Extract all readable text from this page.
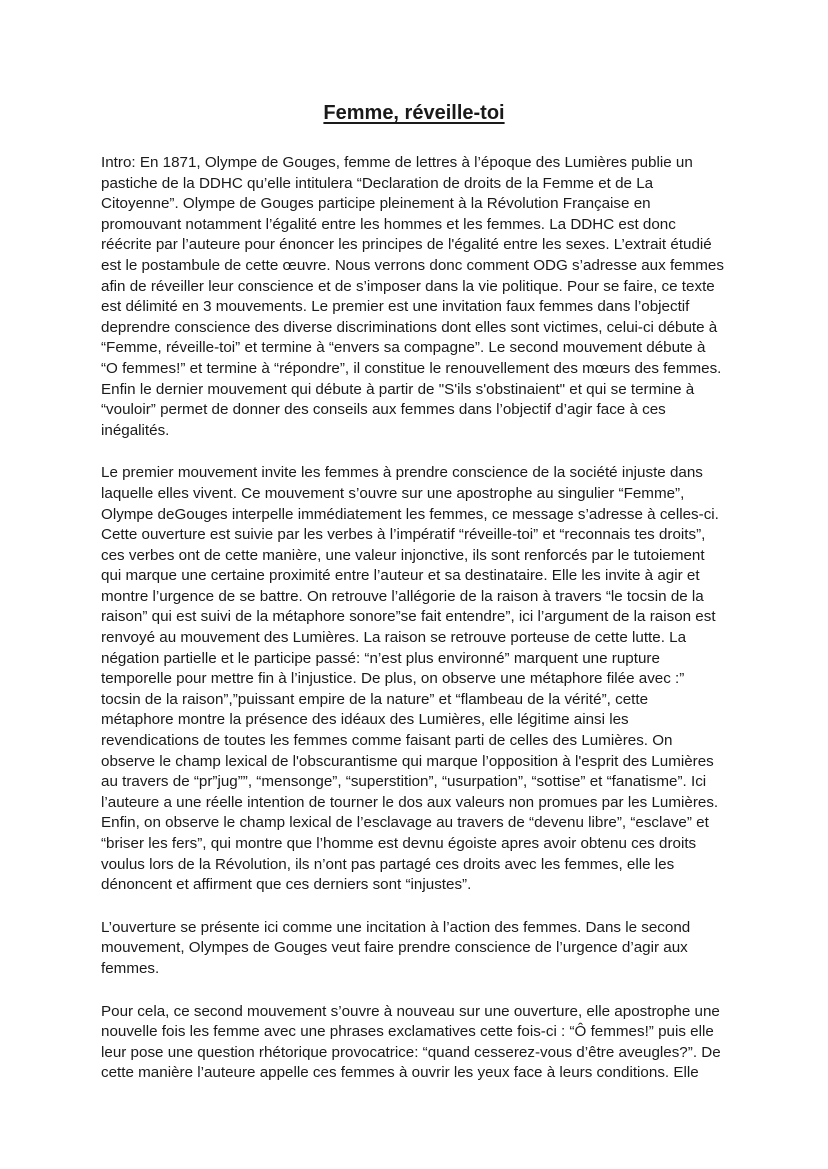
Femme, réveille-toi

Intro: En 1871, Olympe de Gouges, femme de lettres à l’époque des Lumières publie un
pastiche de la DDHC qu’elle intitulera “Declaration de droits de la Femme et de La
Citoyenne”. Olympe de Gouges participe pleinement à la Révolution Française en
promouvant notamment l’égalité entre les hommes et les femmes. La DDHC est donc
réécrite par l’auteure pour énoncer les principes de l'égalité entre les sexes. L’extrait étudié
est le postambule de cette œuvre. Nous verrons donc comment ODG s’adresse aux femmes
afin de réveiller leur conscience et de s’imposer dans la vie politique. Pour se faire, ce texte
est délimité en 3 mouvements. Le premier est une invitation faux femmes dans l’objectif
deprendre conscience des diverse discriminations dont elles sont victimes, celui-ci débute à
“Femme, réveille-toi” et termine à “envers sa compagne”. Le second mouvement débute à
“O femmes!” et termine à “répondre”, il constitue le renouvellement des mœurs des femmes.
Enfin le dernier mouvement qui débute à partir de "S'ils s'obstinaient" et qui se termine à
“vouloir” permet de donner des conseils aux femmes dans l’objectif d’agir face à ces
inégalités.

Le premier mouvement invite les femmes à prendre conscience de la société injuste dans
laquelle elles vivent. Ce mouvement s’ouvre sur une apostrophe au singulier “Femme”,
Olympe deGouges interpelle immédiatement les femmes, ce message s’adresse à celles-ci.
Cette ouverture est suivie par les verbes à l’impératif “réveille-toi” et “reconnais tes droits”,
ces verbes ont de cette manière, une valeur injonctive, ils sont renforcés par le tutoiement
qui marque une certaine proximité entre l’auteur et sa destinataire. Elle les invite à agir et
montre l’urgence de se battre. On retrouve l’allégorie de la raison à travers “le tocsin de la
raison” qui est suivi de la métaphore sonore”se fait entendre”, ici l’argument de la raison est
renvoyé au mouvement des Lumières. La raison se retrouve porteuse de cette lutte. La
négation partielle et le participe passé: “n’est plus environné” marquent une rupture
temporelle pour mettre fin à l’injustice. De plus, on observe une métaphore filée avec :”
tocsin de la raison”,”puissant empire de la nature” et “flambeau de la vérité”, cette
métaphore montre la présence des idéaux des Lumières, elle légitime ainsi les
revendications de toutes les femmes comme faisant parti de celles des Lumières. On
observe le champ lexical de l'obscurantisme qui marque l’opposition à l'esprit des Lumières
au travers de “pr”jug””, “mensonge”, “superstition”, “usurpation”, “sottise” et “fanatisme”. Ici
l’auteure a une réelle intention de tourner le dos aux valeurs non promues par les Lumières.
Enfin, on observe le champ lexical de l’esclavage au travers de “devenu libre”, “esclave” et
“briser les fers”, qui montre que l’homme est devnu égoiste apres avoir obtenu ces droits
voulus lors de la Révolution, ils n’ont pas partagé ces droits avec les femmes, elle les
dénoncent et affirment que ces derniers sont “injustes”.

L’ouverture se présente ici comme une incitation à l’action des femmes. Dans le second
mouvement, Olympes de Gouges veut faire prendre conscience de l’urgence d’agir aux
femmes.

Pour cela, ce second mouvement s’ouvre à nouveau sur une ouverture, elle apostrophe une
nouvelle fois les femme avec une phrases exclamatives cette fois-ci : “Ô femmes!” puis elle
leur pose une question rhétorique provocatrice: “quand cesserez-vous d’être aveugles?”. De
cette manière l’auteure appelle ces femmes à ouvrir les yeux face à leurs conditions. Elle
